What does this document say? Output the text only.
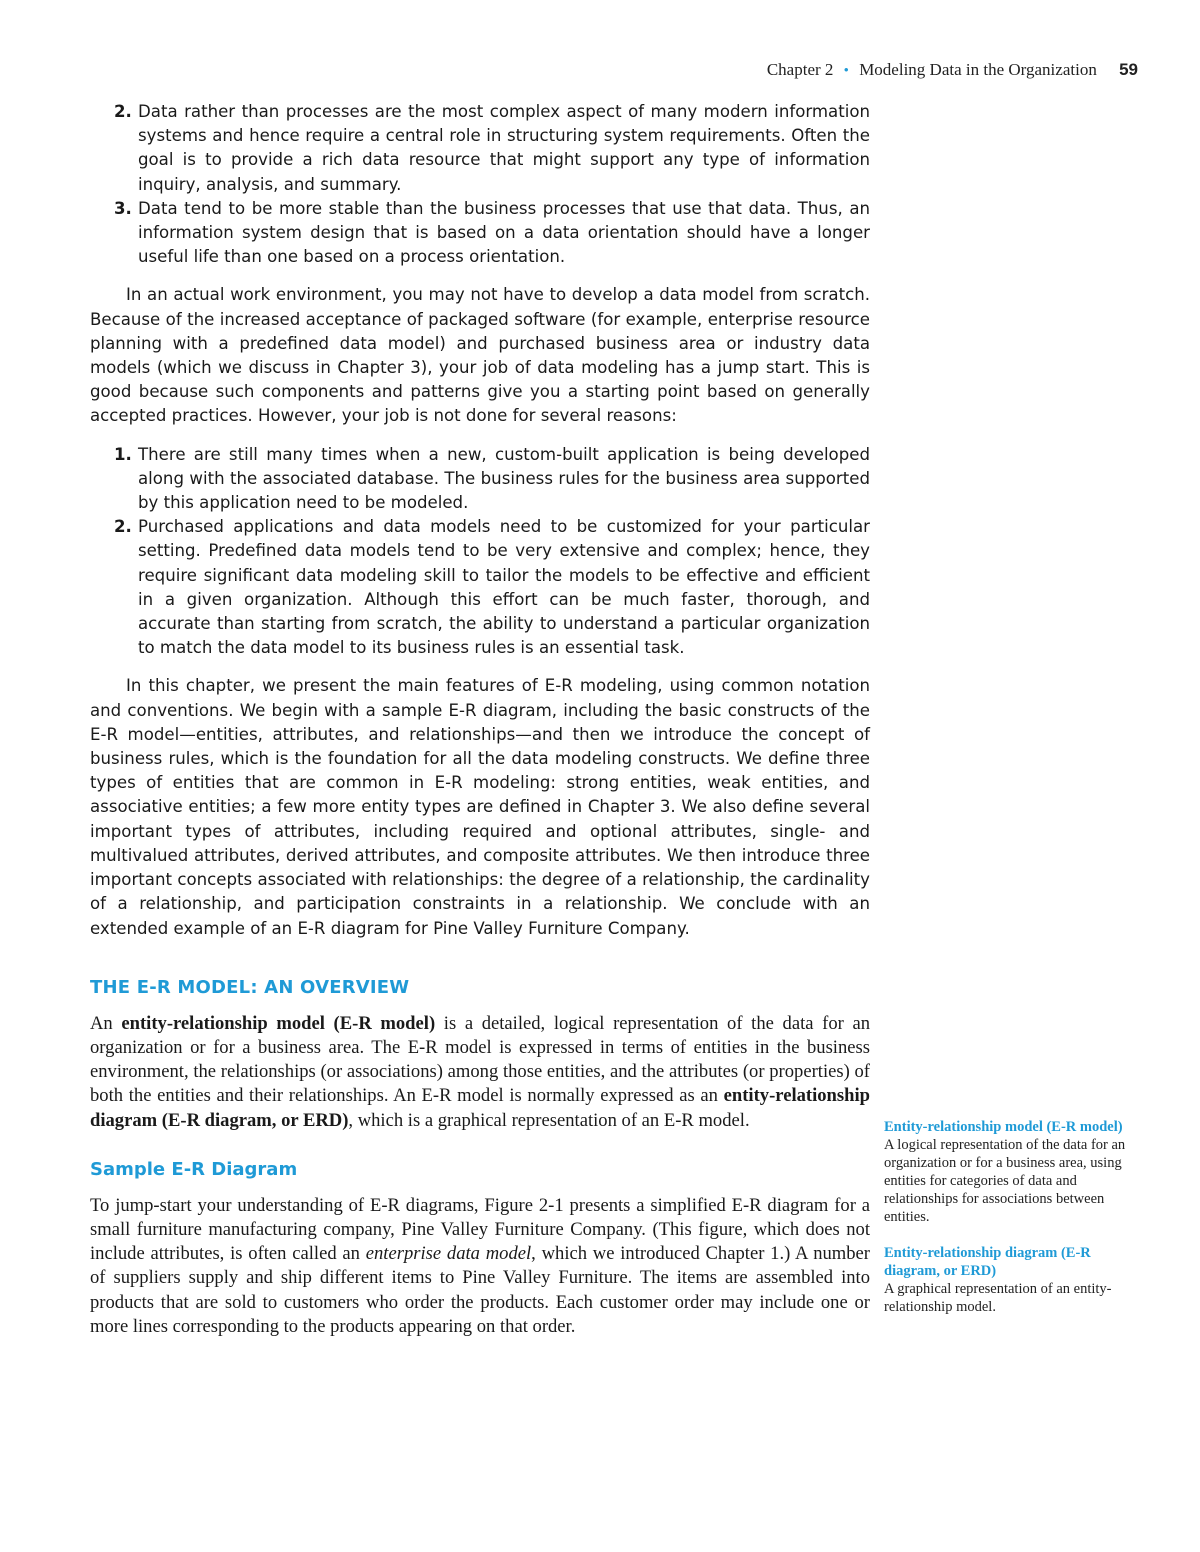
Chapter 2 • Modeling Data in the Organization 59
2. Data rather than processes are the most complex aspect of many modern information systems and hence require a central role in structuring system requirements. Often the goal is to provide a rich data resource that might support any type of information inquiry, analysis, and summary.
3. Data tend to be more stable than the business processes that use that data. Thus, an information system design that is based on a data orientation should have a longer useful life than one based on a process orientation.

In an actual work environment, you may not have to develop a data model from scratch. Because of the increased acceptance of packaged software (for example, enterprise resource planning with a predefined data model) and purchased business area or industry data models (which we discuss in Chapter 3), your job of data modeling has a jump start. This is good because such components and patterns give you a starting point based on generally accepted practices. However, your job is not done for several reasons:

1. There are still many times when a new, custom-built application is being developed along with the associated database. The business rules for the business area supported by this application need to be modeled.
2. Purchased applications and data models need to be customized for your particular setting. Predefined data models tend to be very extensive and complex; hence, they require significant data modeling skill to tailor the models to be effective and efficient in a given organization. Although this effort can be much faster, thorough, and accurate than starting from scratch, the ability to understand a particular organization to match the data model to its business rules is an essential task.

In this chapter, we present the main features of E-R modeling, using common notation and conventions. We begin with a sample E-R diagram, including the basic constructs of the E-R model—entities, attributes, and relationships—and then we introduce the concept of business rules, which is the foundation for all the data modeling constructs. We define three types of entities that are common in E-R modeling: strong entities, weak entities, and associative entities; a few more entity types are defined in Chapter 3. We also define several important types of attributes, including required and optional attributes, single- and multivalued attributes, derived attributes, and composite attributes. We then introduce three important concepts associated with relationships: the degree of a relationship, the cardinality of a relationship, and participation constraints in a relationship. We conclude with an extended example of an E-R diagram for Pine Valley Furniture Company.

THE E-R MODEL: AN OVERVIEW

An entity-relationship model (E-R model) is a detailed, logical representation of the data for an organization or for a business area. The E-R model is expressed in terms of entities in the business environment, the relationships (or associations) among those entities, and the attributes (or properties) of both the entities and their relationships. An E-R model is normally expressed as an entity-relationship diagram (E-R diagram, or ERD), which is a graphical representation of an E-R model.

Sample E-R Diagram

To jump-start your understanding of E-R diagrams, Figure 2-1 presents a simplified E-R diagram for a small furniture manufacturing company, Pine Valley Furniture Company. (This figure, which does not include attributes, is often called an enterprise data model, which we introduced Chapter 1.) A number of suppliers supply and ship different items to Pine Valley Furniture. The items are assembled into products that are sold to customers who order the products. Each customer order may include one or more lines corresponding to the products appearing on that order.

Entity-relationship model (E-R model)
A logical representation of the data for an organization or for a business area, using entities for categories of data and relationships for associations between entities.
Entity-relationship diagram (E-R diagram, or ERD)
A graphical representation of an entity-relationship model.
